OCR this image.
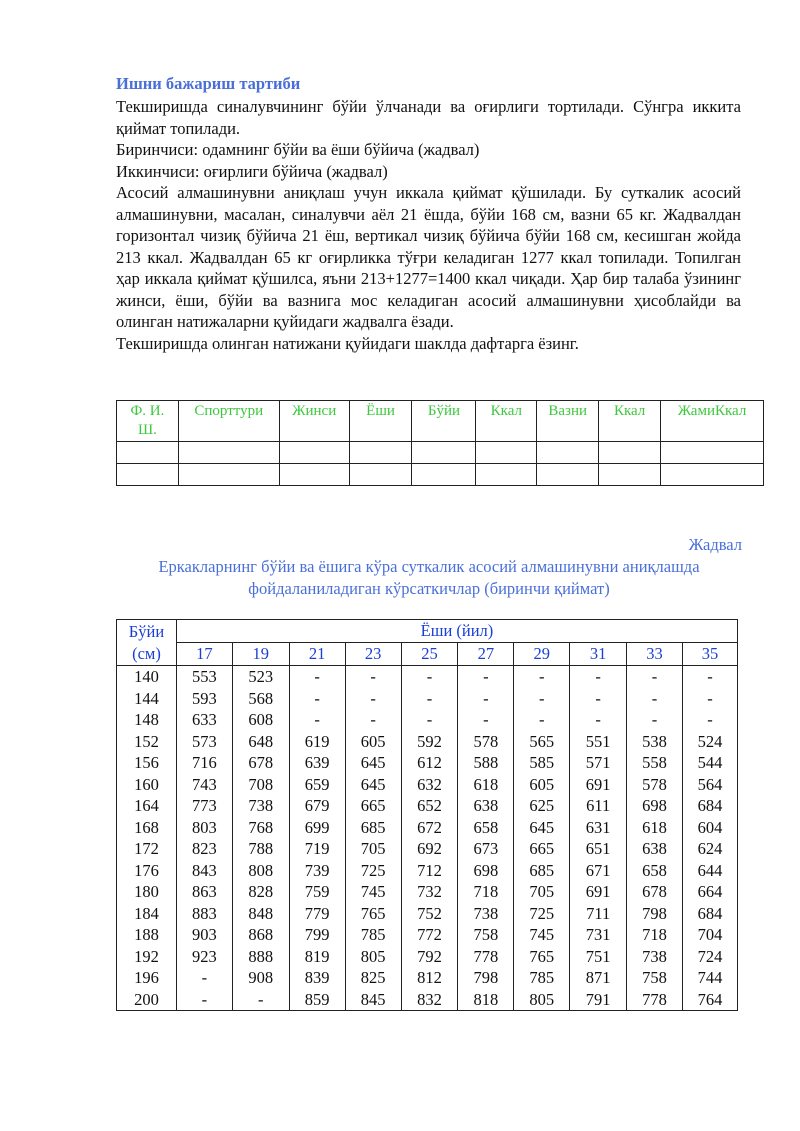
Ишни бажариш тартиби

Текширишда синалувчининг бўйи ўлчанади ва оғирлиги тортилади. Сўнгра иккита қиймат топилади.

Биринчиси: одамнинг бўйи ва ёши бўйича (жадвал)

Иккинчиси: оғирлиги бўйича (жадвал)

Асосий алмашинувни аниқлаш учун иккала қиймат қўшилади. Бу суткалик асосий алмашинувни, масалан, синалувчи аёл 21 ёшда, бўйи 168 см, вазни 65 кг. Жадвалдан горизонтал чизиқ бўйича 21 ёш, вертикал чизиқ бўйича бўйи 168 см, кесишган жойда 213 ккал. Жадвалдан 65 кг оғирликка тўғри келадиган 1277 ккал топилади. Топилган ҳар иккала қиймат қўшилса, яъни 213+1277=1400 ккал чиқади. Ҳар бир талаба ўзининг жинси, ёши, бўйи ва вазнига мос келадиган асосий алмашинувни ҳисоблайди ва олинган натижаларни қуйидаги жадвалга ёзади.

Текширишда олинган натижани қуйидаги шаклда дафтарга ёзинг.

Ф. И. Ш.	Спорттури	Жинси	Ёши	Бўйи	Ккал	Вазни	Ккал	ЖамиКкал

Жадвал
Еркакларнинг бўйи ва ёшига кўра суткалик асосий алмашинувни аниқлашда фойдаланиладиган кўрсаткичлар (биринчи қиймат)
Бўйи (см)	Ёши (йил)									
	17	19	21	23	25	27	29	31	33	35
140	553	523	-	-	-	-	-	-	-	-
144	593	568	-	-	-	-	-	-	-	-
148	633	608	-	-	-	-	-	-	-	-
152	573	648	619	605	592	578	565	551	538	524
156	716	678	639	645	612	588	585	571	558	544
160	743	708	659	645	632	618	605	691	578	564
164	773	738	679	665	652	638	625	611	698	684
168	803	768	699	685	672	658	645	631	618	604
172	823	788	719	705	692	673	665	651	638	624
176	843	808	739	725	712	698	685	671	658	644
180	863	828	759	745	732	718	705	691	678	664
184	883	848	779	765	752	738	725	711	798	684
188	903	868	799	785	772	758	745	731	718	704
192	923	888	819	805	792	778	765	751	738	724
196	-	908	839	825	812	798	785	871	758	744
200	-	-	859	845	832	818	805	791	778	764
